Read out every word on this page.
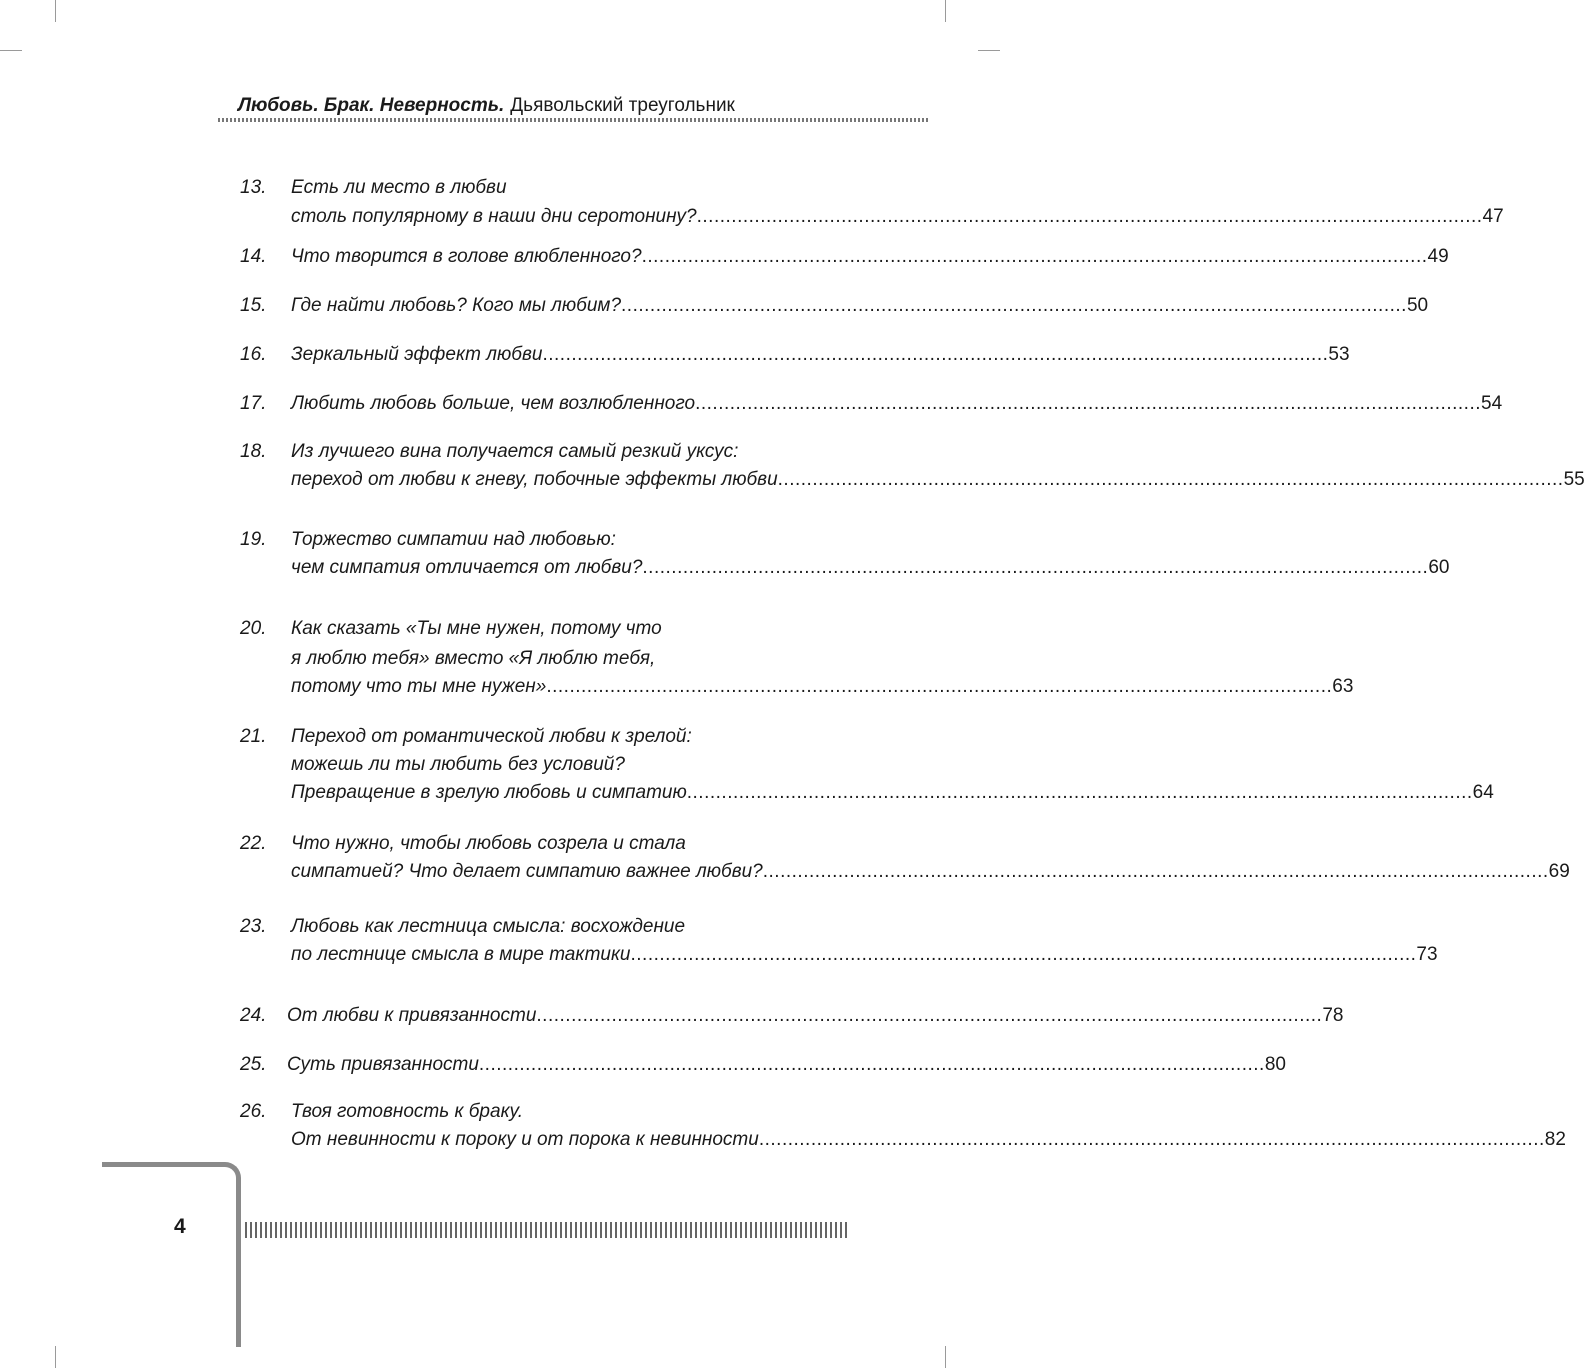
Любовь. Брак. Неверность. Дьявольский треугольник
13. Есть ли место в любви
столь популярному в наши дни серотонину? ........................................................................................................................................ 47
14. Что творится в голове влюбленного? ........................................................................................................................................ 49
15. Где найти любовь? Кого мы любим? ........................................................................................................................................ 50
16. Зеркальный эффект любви ........................................................................................................................................ 53
17. Любить любовь больше, чем возлюбленного ........................................................................................................................................ 54
18. Из лучшего вина получается самый резкий уксус:
переход от любви к гневу, побочные эффекты любви ........................................................................................................................................ 55
19. Торжество симпатии над любовью:
чем симпатия отличается от любви? ........................................................................................................................................ 60
20. Как сказать «Ты мне нужен, потому что
я люблю тебя» вместо «Я люблю тебя,
потому что ты мне нужен» ........................................................................................................................................ 63
21. Переход от романтической любви к зрелой:
можешь ли ты любить без условий?
Превращение в зрелую любовь и симпатию ........................................................................................................................................ 64
22. Что нужно, чтобы любовь созрела и стала
симпатией? Что делает симпатию важнее любви? ........................................................................................................................................ 69
23. Любовь как лестница смысла: восхождение
по лестнице смысла в мире тактики ........................................................................................................................................ 73
24. От любви к привязанности ........................................................................................................................................ 78
25. Суть привязанности ........................................................................................................................................ 80
26. Твоя готовность к браку.
От невинности к пороку и от порока к невинности ........................................................................................................................................ 82
4
